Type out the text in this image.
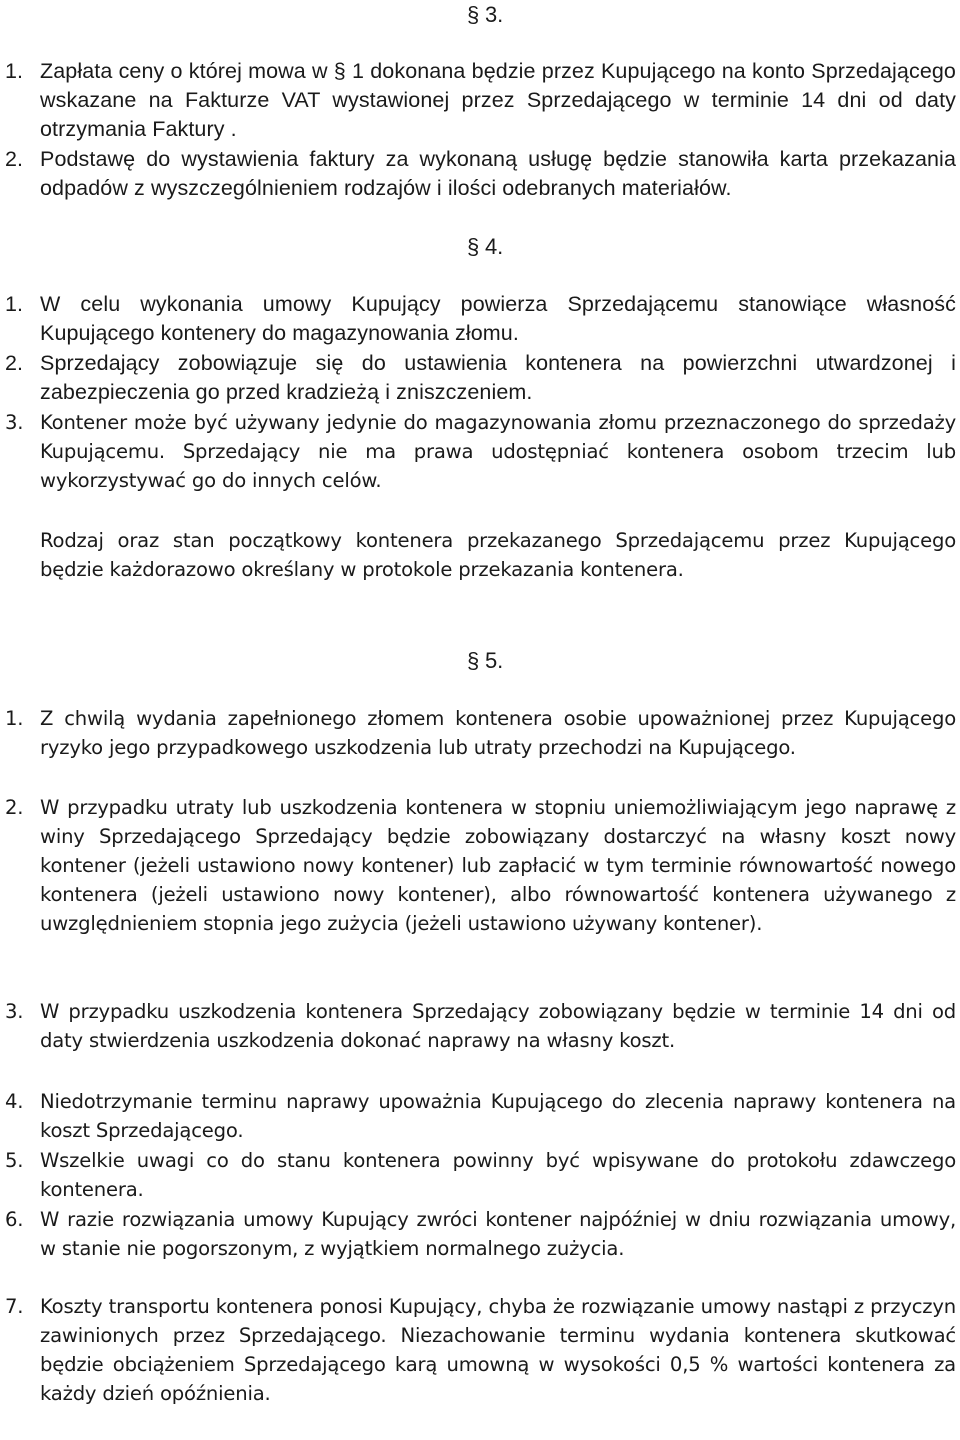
§ 3.
1. Zapłata ceny o której mowa w § 1 dokonana będzie przez Kupującego na konto Sprzedającego wskazane na Fakturze VAT wystawionej przez Sprzedającego w terminie 14 dni od daty otrzymania Faktury .
2. Podstawę do wystawienia faktury za wykonaną usługę będzie stanowiła karta przekazania odpadów z wyszczególnieniem rodzajów i ilości odebranych materiałów.
§ 4.
1. W celu wykonania umowy Kupujący powierza Sprzedającemu stanowiące własność Kupującego kontenery do magazynowania złomu.
2. Sprzedający zobowiązuje się do ustawienia kontenera na powierzchni utwardzonej i zabezpieczenia go przed kradzieżą i zniszczeniem.
3. Kontener może być używany jedynie do magazynowania złomu przeznaczonego do sprzedaży Kupującemu. Sprzedający nie ma prawa udostępniać kontenera osobom trzecim lub wykorzystywać go do innych celów.
Rodzaj oraz stan początkowy kontenera przekazanego Sprzedającemu przez Kupującego będzie każdorazowo określany w protokole przekazania kontenera.
§ 5.
1. Z chwilą wydania zapełnionego złomem kontenera osobie upoważnionej przez Kupującego ryzyko jego przypadkowego uszkodzenia lub utraty przechodzi na Kupującego.
2. W przypadku utraty lub uszkodzenia kontenera w stopniu uniemożliwiającym jego naprawę z winy Sprzedającego Sprzedający będzie zobowiązany dostarczyć na własny koszt nowy kontener (jeżeli ustawiono nowy kontener) lub zapłacić w tym terminie równowartość nowego kontenera (jeżeli ustawiono nowy kontener), albo równowartość kontenera używanego z uwzględnieniem stopnia jego zużycia (jeżeli ustawiono używany kontener).
3. W przypadku uszkodzenia kontenera Sprzedający zobowiązany będzie w terminie 14 dni od daty stwierdzenia uszkodzenia dokonać naprawy na własny koszt.
4. Niedotrzymanie terminu naprawy upoważnia Kupującego do zlecenia naprawy kontenera na koszt Sprzedającego.
5. Wszelkie uwagi co do stanu kontenera powinny być wpisywane do protokołu zdawczego kontenera.
6. W razie rozwiązania umowy Kupujący zwróci kontener najpóźniej w dniu rozwiązania umowy, w stanie nie pogorszonym, z wyjątkiem normalnego zużycia.
7. Koszty transportu kontenera ponosi Kupujący, chyba że rozwiązanie umowy nastąpi z przyczyn zawinionych przez Sprzedającego. Niezachowanie terminu wydania kontenera skutkować będzie obciążeniem Sprzedającego karą umowną w wysokości 0,5 % wartości kontenera za każdy dzień opóźnienia.
